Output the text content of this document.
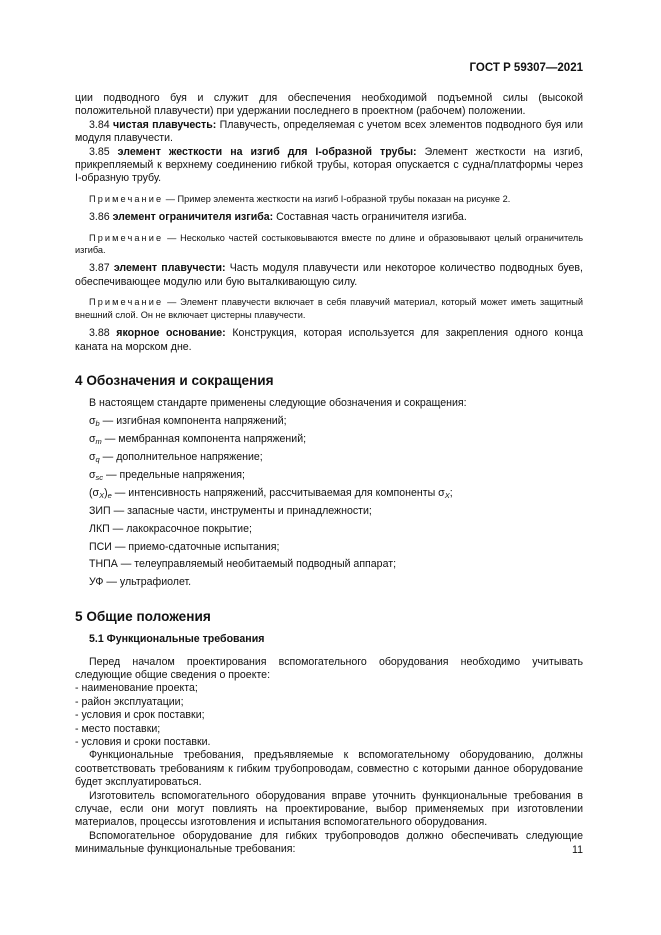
ГОСТ Р 59307—2021

ции подводного буя и служит для обеспечения необходимой подъемной силы (высокой положительной плавучести) при удержании последнего в проектном (рабочем) положении.

3.84 чистая плавучесть: Плавучесть, определяемая с учетом всех элементов подводного буя или модуля плавучести.

3.85 элемент жесткости на изгиб для I-образной трубы: Элемент жесткости на изгиб, прикрепляемый к верхнему соединению гибкой трубы, которая опускается с судна/платформы через I-образную трубу.

Примечание — Пример элемента жесткости на изгиб I-образной трубы показан на рисунке 2.

3.86 элемент ограничителя изгиба: Составная часть ограничителя изгиба.

Примечание — Несколько частей состыковываются вместе по длине и образовывают целый ограничитель изгиба.

3.87 элемент плавучести: Часть модуля плавучести или некоторое количество подводных буев, обеспечивающее модулю или бую выталкивающую силу.

Примечание — Элемент плавучести включает в себя плавучий материал, который может иметь защитный внешний слой. Он не включает цистерны плавучести.

3.88 якорное основание: Конструкция, которая используется для закрепления одного конца каната на морском дне.

4 Обозначения и сокращения

В настоящем стандарте применены следующие обозначения и сокращения:

$\sigma_b$ — изгибная компонента напряжений;

$\sigma_m$ — мембранная компонента напряжений;

$\sigma_q$ — дополнительное напряжение;

$\sigma_{sc}$ — предельные напряжения;

$(\sigma_X)_e$ — интенсивность напряжений, рассчитываемая для компоненты $\sigma_X$;

ЗИП — запасные части, инструменты и принадлежности;

ЛКП — лакокрасочное покрытие;

ПСИ — приемо-сдаточные испытания;

ТНПА — телеуправляемый необитаемый подводный аппарат;

УФ — ультрафиолет.

5 Общие положения
5.1 Функциональные требования

Перед началом проектирования вспомогательного оборудования необходимо учитывать следующие общие сведения о проекте:

- наименование проекта;

- район эксплуатации;

- условия и срок поставки;

- место поставки;

- условия и сроки поставки.

Функциональные требования, предъявляемые к вспомогательному оборудованию, должны соответствовать требованиям к гибким трубопроводам, совместно с которыми данное оборудование будет эксплуатироваться.

Изготовитель вспомогательного оборудования вправе уточнить функциональные требования в случае, если они могут повлиять на проектирование, выбор применяемых при изготовлении материалов, процессы изготовления и испытания вспомогательного оборудования.

Вспомогательное оборудование для гибких трубопроводов должно обеспечивать следующие минимальные функциональные требования:	11
